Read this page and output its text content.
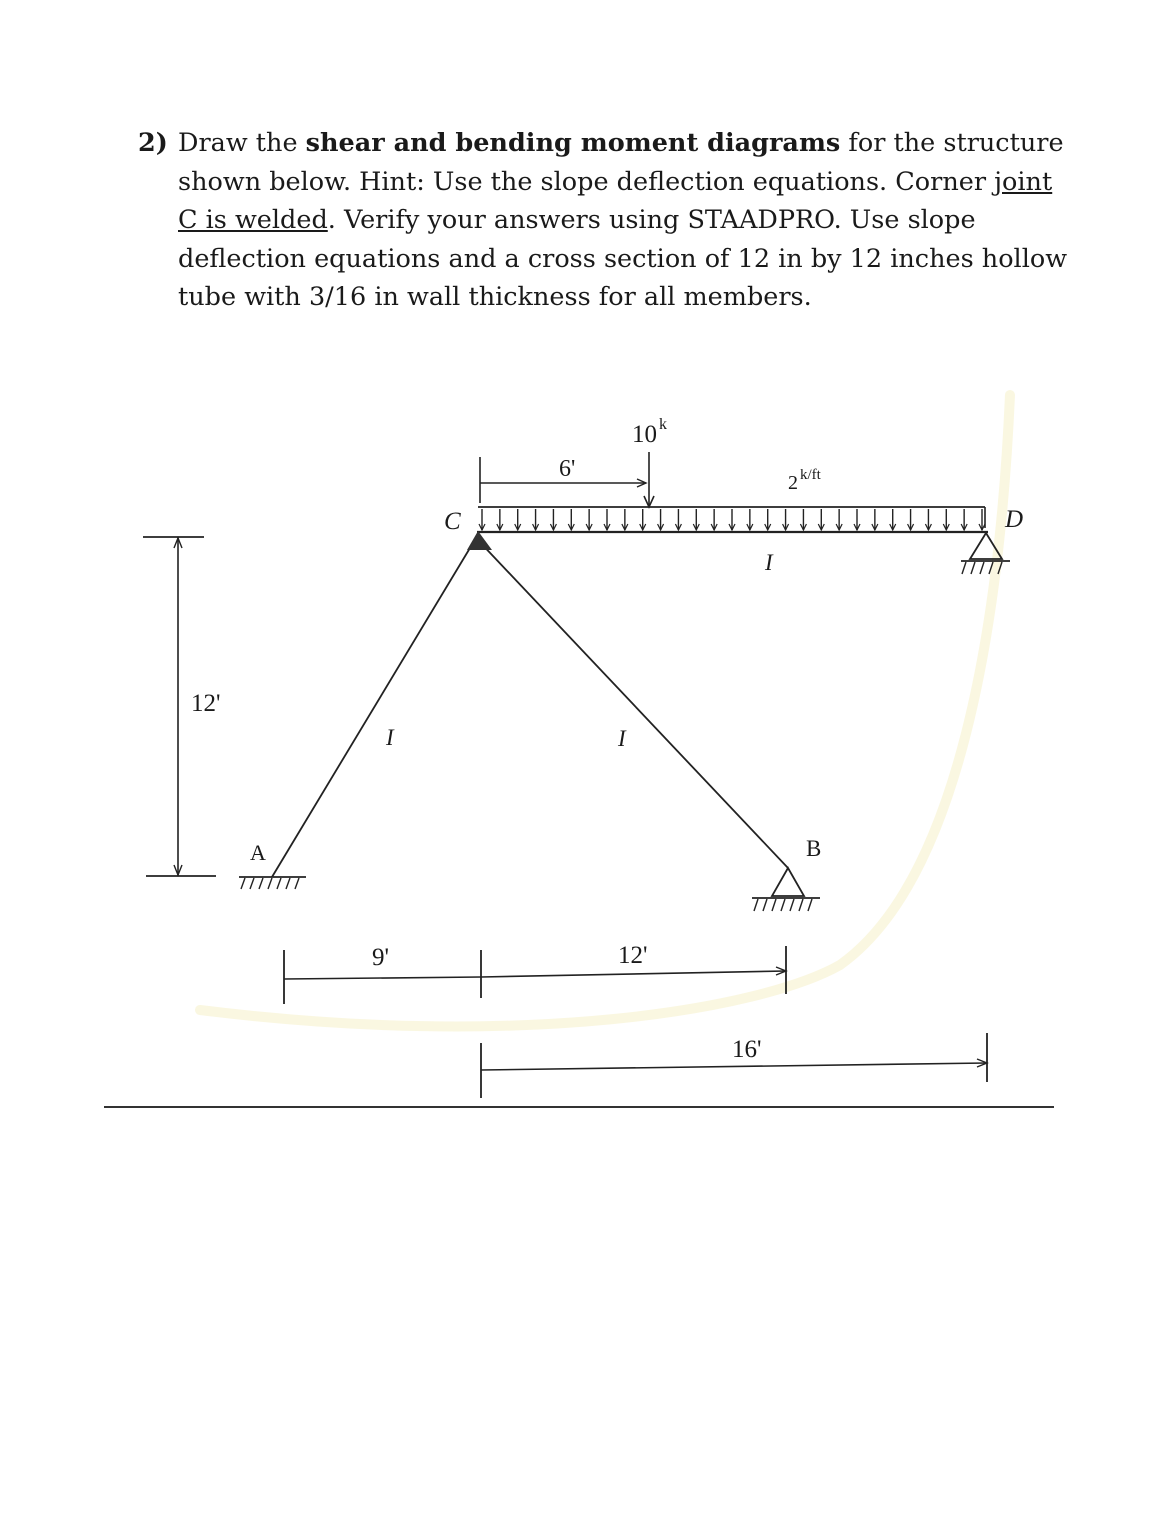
2) Draw the shear and bending moment diagrams for the structure shown below. Hint: Use the slope deflection equations. Corner joint C is welded. Verify your answers using STAADPRO. Use slope deflection equations and a cross section of 12 in by 12 inches hollow tube with 3/16 in wall thickness for all members.
10 k
6'
2 k/ft
C	D
A	B
I
I	I
12'
9'	12'
16'
